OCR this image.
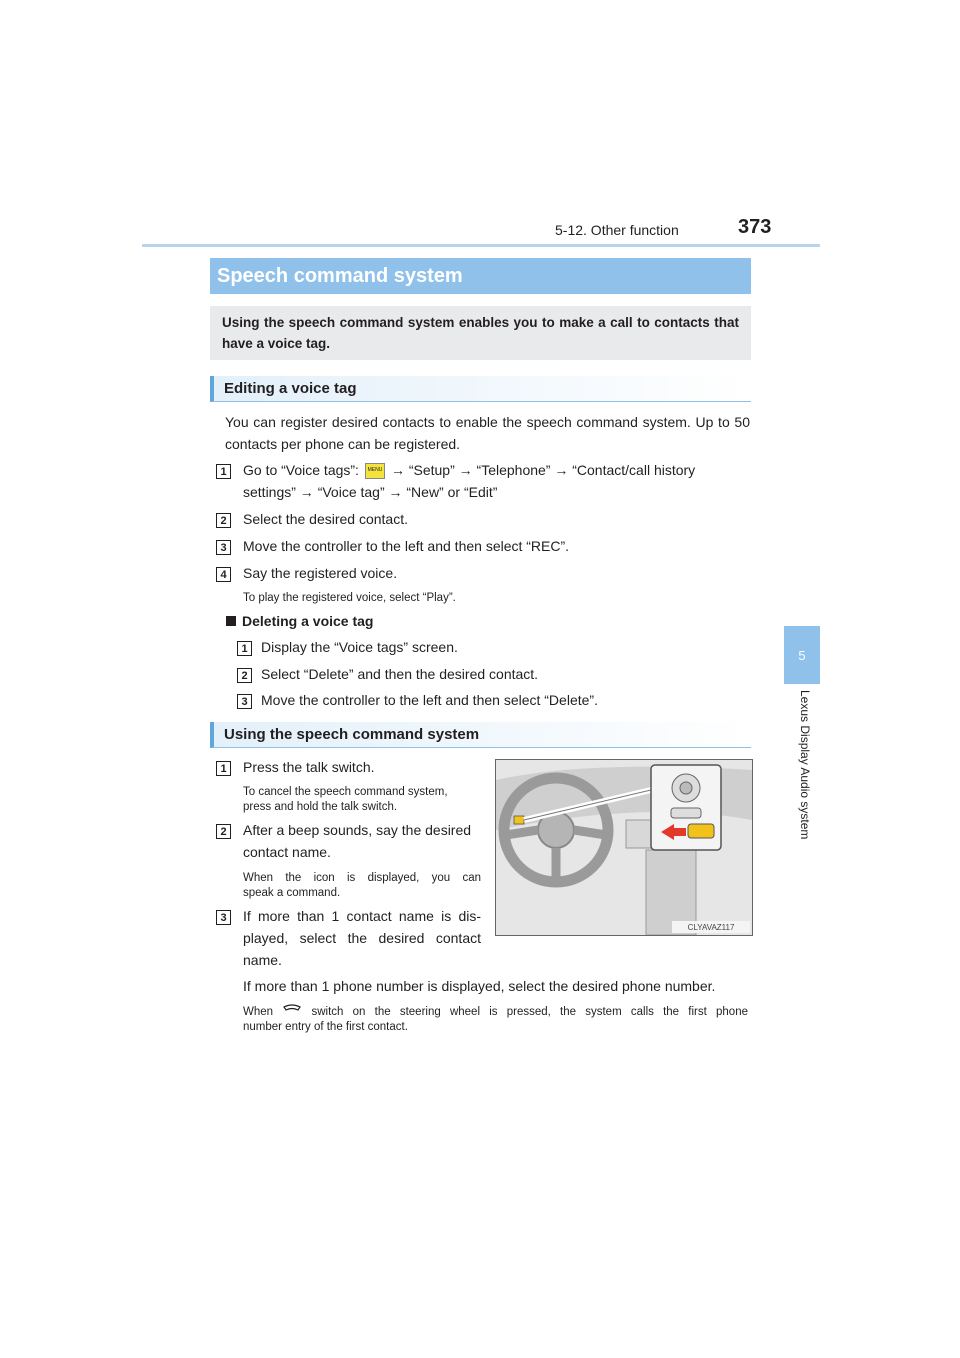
5-12. Other function	373
5
Lexus Display Audio system
Speech command system
Using the speech command system enables you to make a call to contacts that have a voice tag.
Editing a voice tag
You can register desired contacts to enable the speech command system. Up to 50 contacts per phone can be registered.
1	Go to “Voice tags”: MENU → “Setup” → “Telephone” → “Contact/call history
settings” → “Voice tag” → “New” or “Edit”
2	Select the desired contact.
3	Move the controller to the left and then select “REC”.
4	Say the registered voice.
To play the registered voice, select “Play”.
Deleting a voice tag
1 Display the “Voice tags” screen.
2 Select “Delete” and then the desired contact.
3 Move the controller to the left and then select “Delete”.
Using the speech command system
1	Press the talk switch.
To cancel the speech command system,
press and hold the talk switch.
2	After a beep sounds, say the desired
contact name.
When the icon is displayed, you can
speak a command.
3	If more than 1 contact name is dis-
played, select the desired contact
name.
If more than 1 phone number is displayed, select the desired phone number.
When	switch on the steering wheel is pressed, the system calls the first phone
number entry of the first contact.
CLYAVAZ117
